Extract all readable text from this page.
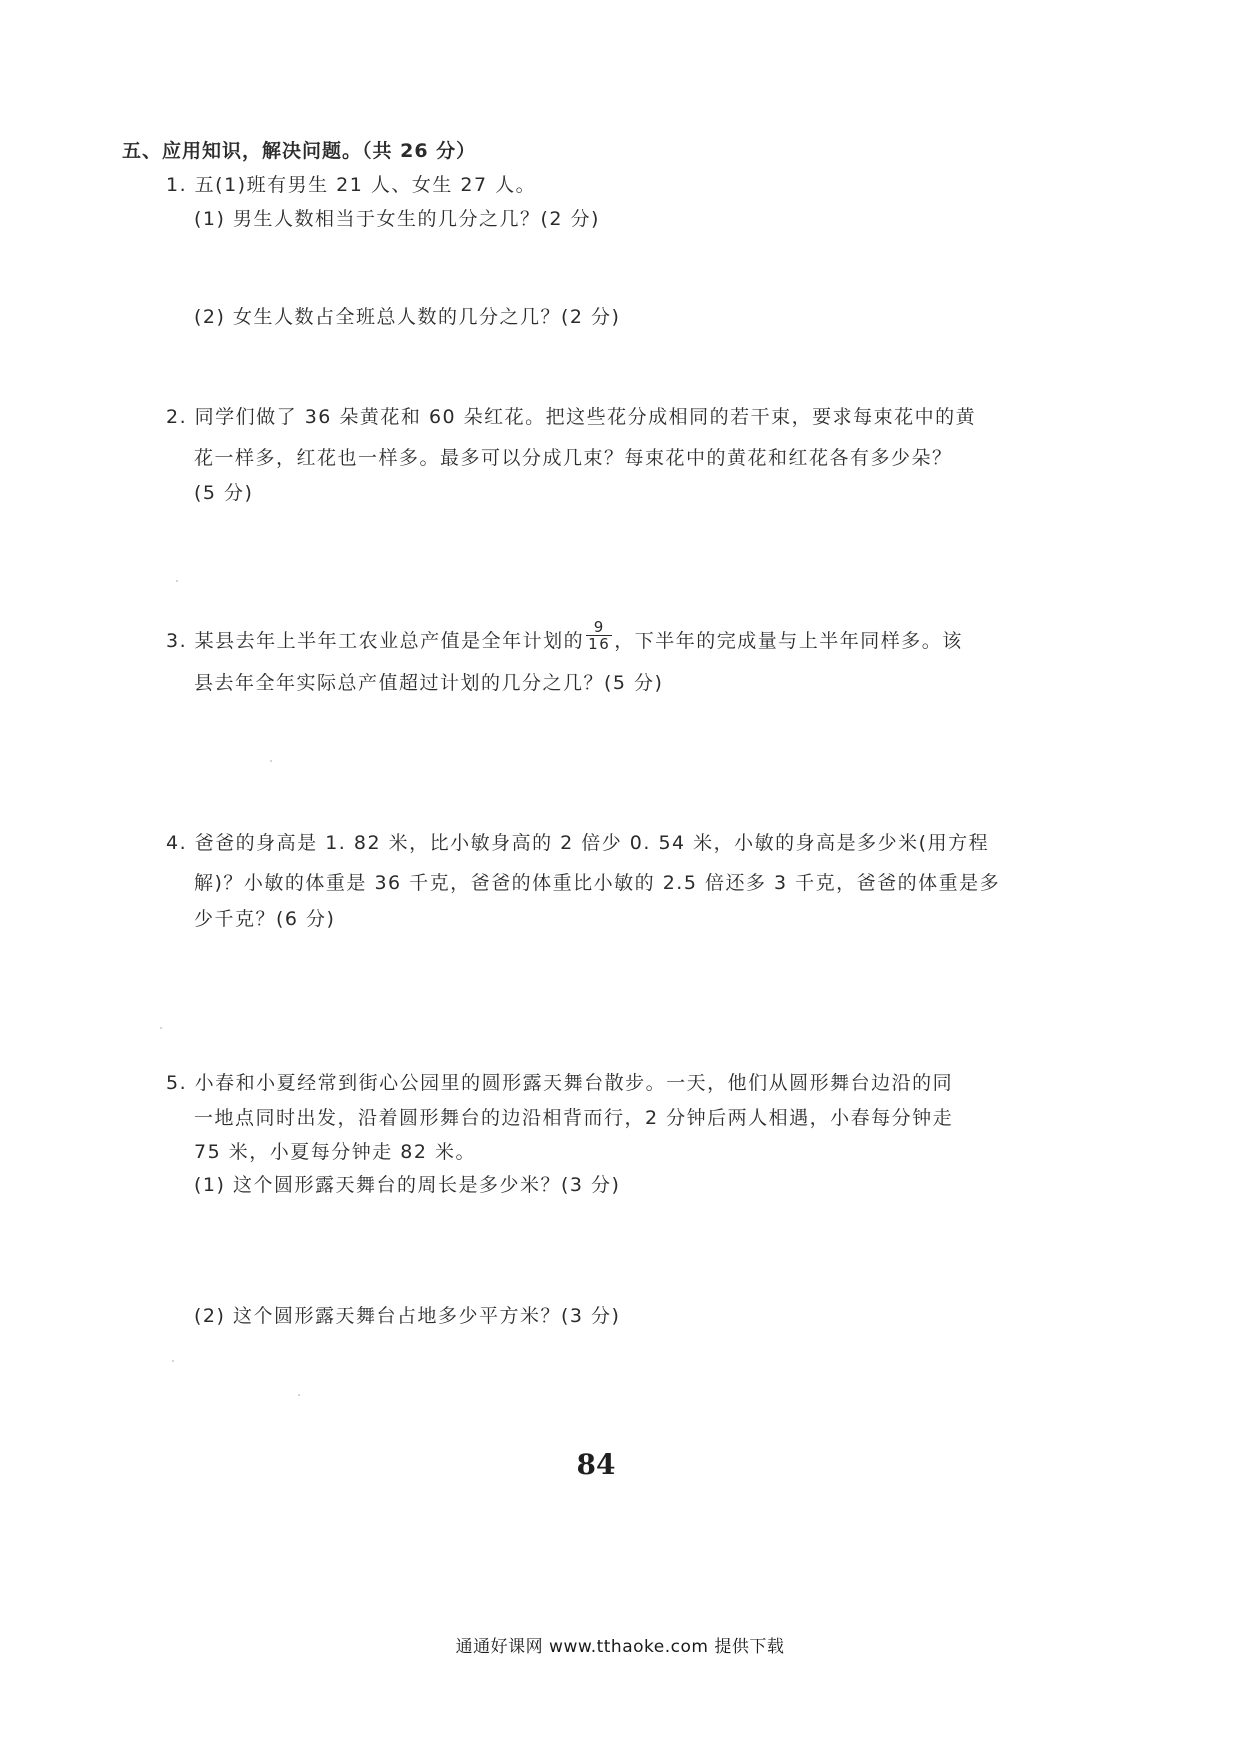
五、应用知识，解决问题。（共 26 分）
1. 五(1)班有男生 21 人、女生 27 人。
(1) 男生人数相当于女生的几分之几？(2 分)
(2) 女生人数占全班总人数的几分之几？(2 分)
2. 同学们做了 36 朵黄花和 60 朵红花。把这些花分成相同的若干束，要求每束花中的黄
花一样多，红花也一样多。最多可以分成几束？每束花中的黄花和红花各有多少朵？
(5 分)
3. 某县去年上半年工农业总产值是全年计划的 $\frac{9}{16}$ ，下半年的完成量与上半年同样多。该
县去年全年实际总产值超过计划的几分之几？(5 分)
4. 爸爸的身高是 1. 82 米，比小敏身高的 2 倍少 0. 54 米，小敏的身高是多少米(用方程
解)？小敏的体重是 36 千克，爸爸的体重比小敏的 2.5 倍还多 3 千克，爸爸的体重是多
少千克？(6 分)
5. 小春和小夏经常到街心公园里的圆形露天舞台散步。一天，他们从圆形舞台边沿的同
一地点同时出发，沿着圆形舞台的边沿相背而行，2 分钟后两人相遇，小春每分钟走
75 米，小夏每分钟走 82 米。
(1) 这个圆形露天舞台的周长是多少米？(3 分)
(2) 这个圆形露天舞台占地多少平方米？(3 分)
84
通通好课网 www.tthaoke.com 提供下载
